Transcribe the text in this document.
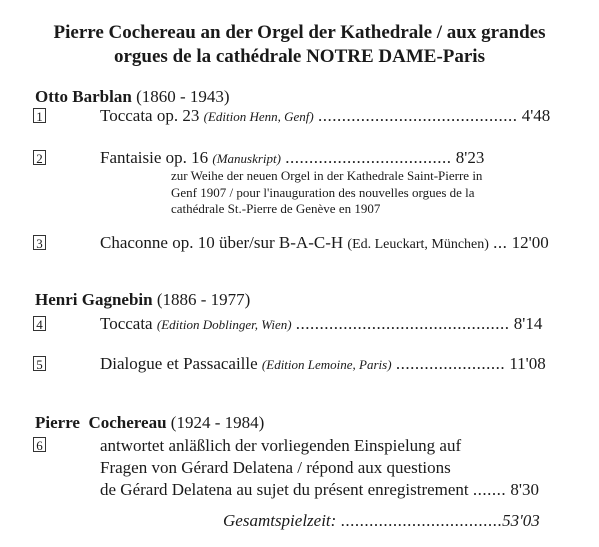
Pierre Cochereau an der Orgel der Kathedrale / aux grandes
orgues de la cathédrale NOTRE DAME-Paris
Otto Barblan (1860 - 1943)
1	Toccata op. 23 (Edition Henn, Genf) .......................................... 4'48
2	Fantaisie op. 16 (Manuskript) ................................... 8'23
zur Weihe der neuen Orgel in der Kathedrale Saint-Pierre in
Genf 1907 / pour l'inauguration des nouvelles orgues de la
cathédrale St.-Pierre de Genève en 1907
3	Chaconne op. 10 über/sur B-A-C-H (Ed. Leuckart, München) ... 12'00
Henri Gagnebin (1886 - 1977)
4	Toccata (Edition Doblinger, Wien) ............................................. 8'14
5	Dialogue et Passacaille (Edition Lemoine, Paris) ....................... 11'08
Pierre  Cochereau (1924 - 1984)
6	antwortet anläßlich der vorliegenden Einspielung auf
Fragen von Gérard Delatena / répond aux questions
de Gérard Delatena au sujet du présent enregistrement ....... 8'30
Gesamtspielzeit: ..................................53'03
